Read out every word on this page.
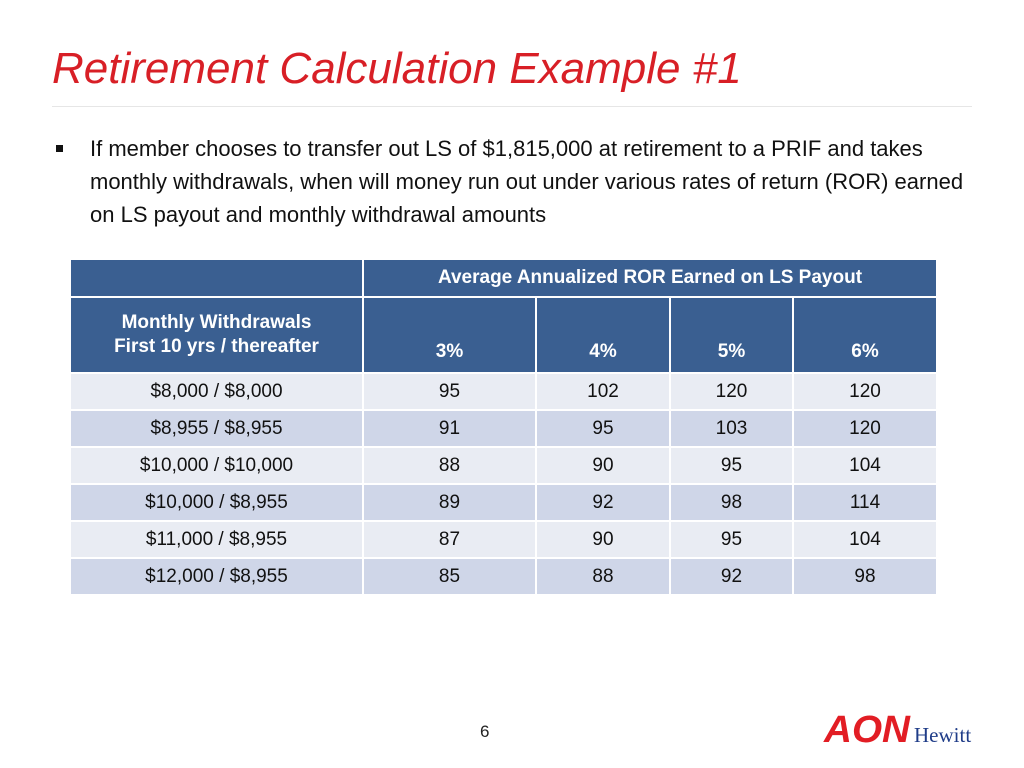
Retirement Calculation Example #1
If member chooses to transfer out LS of $1,815,000 at retirement to a PRIF and takes monthly withdrawals, when will money run out under various rates of return (ROR) earned on LS payout and monthly withdrawal amounts
	Average Annualized ROR Earned on LS Payout			

Monthly Withdrawals
First 10 yrs / thereafter	3%	4%	5%	6%
$8,000 / $8,000	95	102	120	120
$8,955 / $8,955	91	95	103	120
$10,000 / $10,000	88	90	95	104
$10,000 / $8,955	89	92	98	114
$11,000 / $8,955	87	90	95	104
$12,000 / $8,955	85	88	92	98
6	AON Hewitt
